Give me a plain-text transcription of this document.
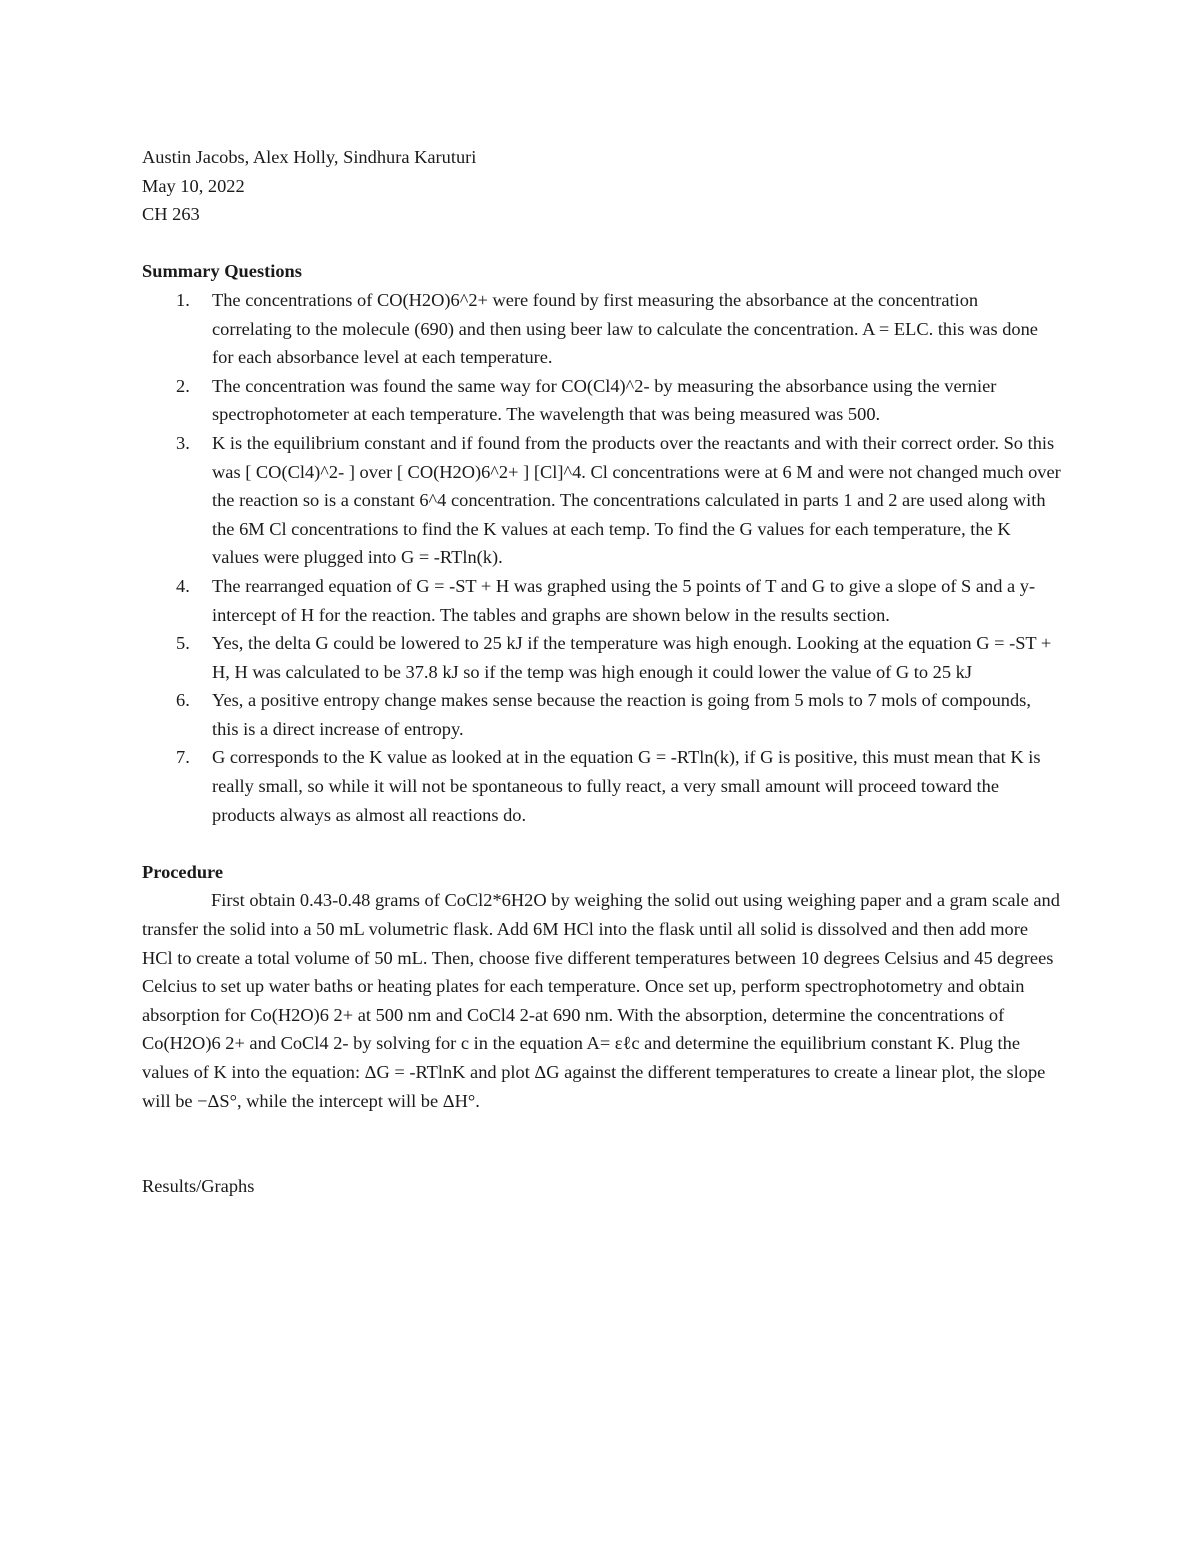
Austin Jacobs, Alex Holly, Sindhura Karuturi

May 10, 2022

CH 263

Summary Questions

1. The concentrations of CO(H2O)6^2+ were found by first measuring the absorbance at the concentration correlating to the molecule (690) and then using beer law to calculate the concentration. A = ELC. this was done for each absorbance level at each temperature.
2. The concentration was found the same way for CO(Cl4)^2- by measuring the absorbance using the vernier spectrophotometer at each temperature. The wavelength that was being measured was 500.
3. K is the equilibrium constant and if found from the products over the reactants and with their correct order. So this was [ CO(Cl4)^2- ] over [ CO(H2O)6^2+ ] [Cl]^4. Cl concentrations were at 6 M and were not changed much over the reaction so is a constant 6^4 concentration. The concentrations calculated in parts 1 and 2 are used along with the 6M Cl concentrations to find the K values at each temp. To find the G values for each temperature, the K values were plugged into G = -RTln(k).
4. The rearranged equation of G = -ST + H was graphed using the 5 points of T and G to give a slope of S and a y-intercept of H for the reaction. The tables and graphs are shown below in the results section.
5. Yes, the delta G could be lowered to 25 kJ if the temperature was high enough. Looking at the equation G = -ST + H, H was calculated to be 37.8 kJ so if the temp was high enough it could lower the value of G to 25 kJ
6. Yes, a positive entropy change makes sense because the reaction is going from 5 mols to 7 mols of compounds, this is a direct increase of entropy.
7. G corresponds to the K value as looked at in the equation G = -RTln(k), if G is positive, this must mean that K is really small, so while it will not be spontaneous to fully react, a very small amount will proceed toward the products always as almost all reactions do.

Procedure

First obtain 0.43-0.48 grams of CoCl2*6H2O by weighing the solid out using weighing paper and a gram scale and transfer the solid into a 50 mL volumetric flask. Add 6M HCl into the flask until all solid is dissolved and then add more HCl to create a total volume of 50 mL. Then, choose five different temperatures between 10 degrees Celsius and 45 degrees Celcius to set up water baths or heating plates for each temperature. Once set up, perform spectrophotometry and obtain absorption for Co(H2O)6 2+ at 500 nm and CoCl4 2-at 690 nm. With the absorption, determine the concentrations of Co(H2O)6 2+ and CoCl4 2- by solving for c in the equation A= εℓc and determine the equilibrium constant K. Plug the values of K into the equation: ΔG = -RTlnK and plot ΔG against the different temperatures to create a linear plot, the slope will be −ΔS°, while the intercept will be ΔH°.

Results/Graphs
